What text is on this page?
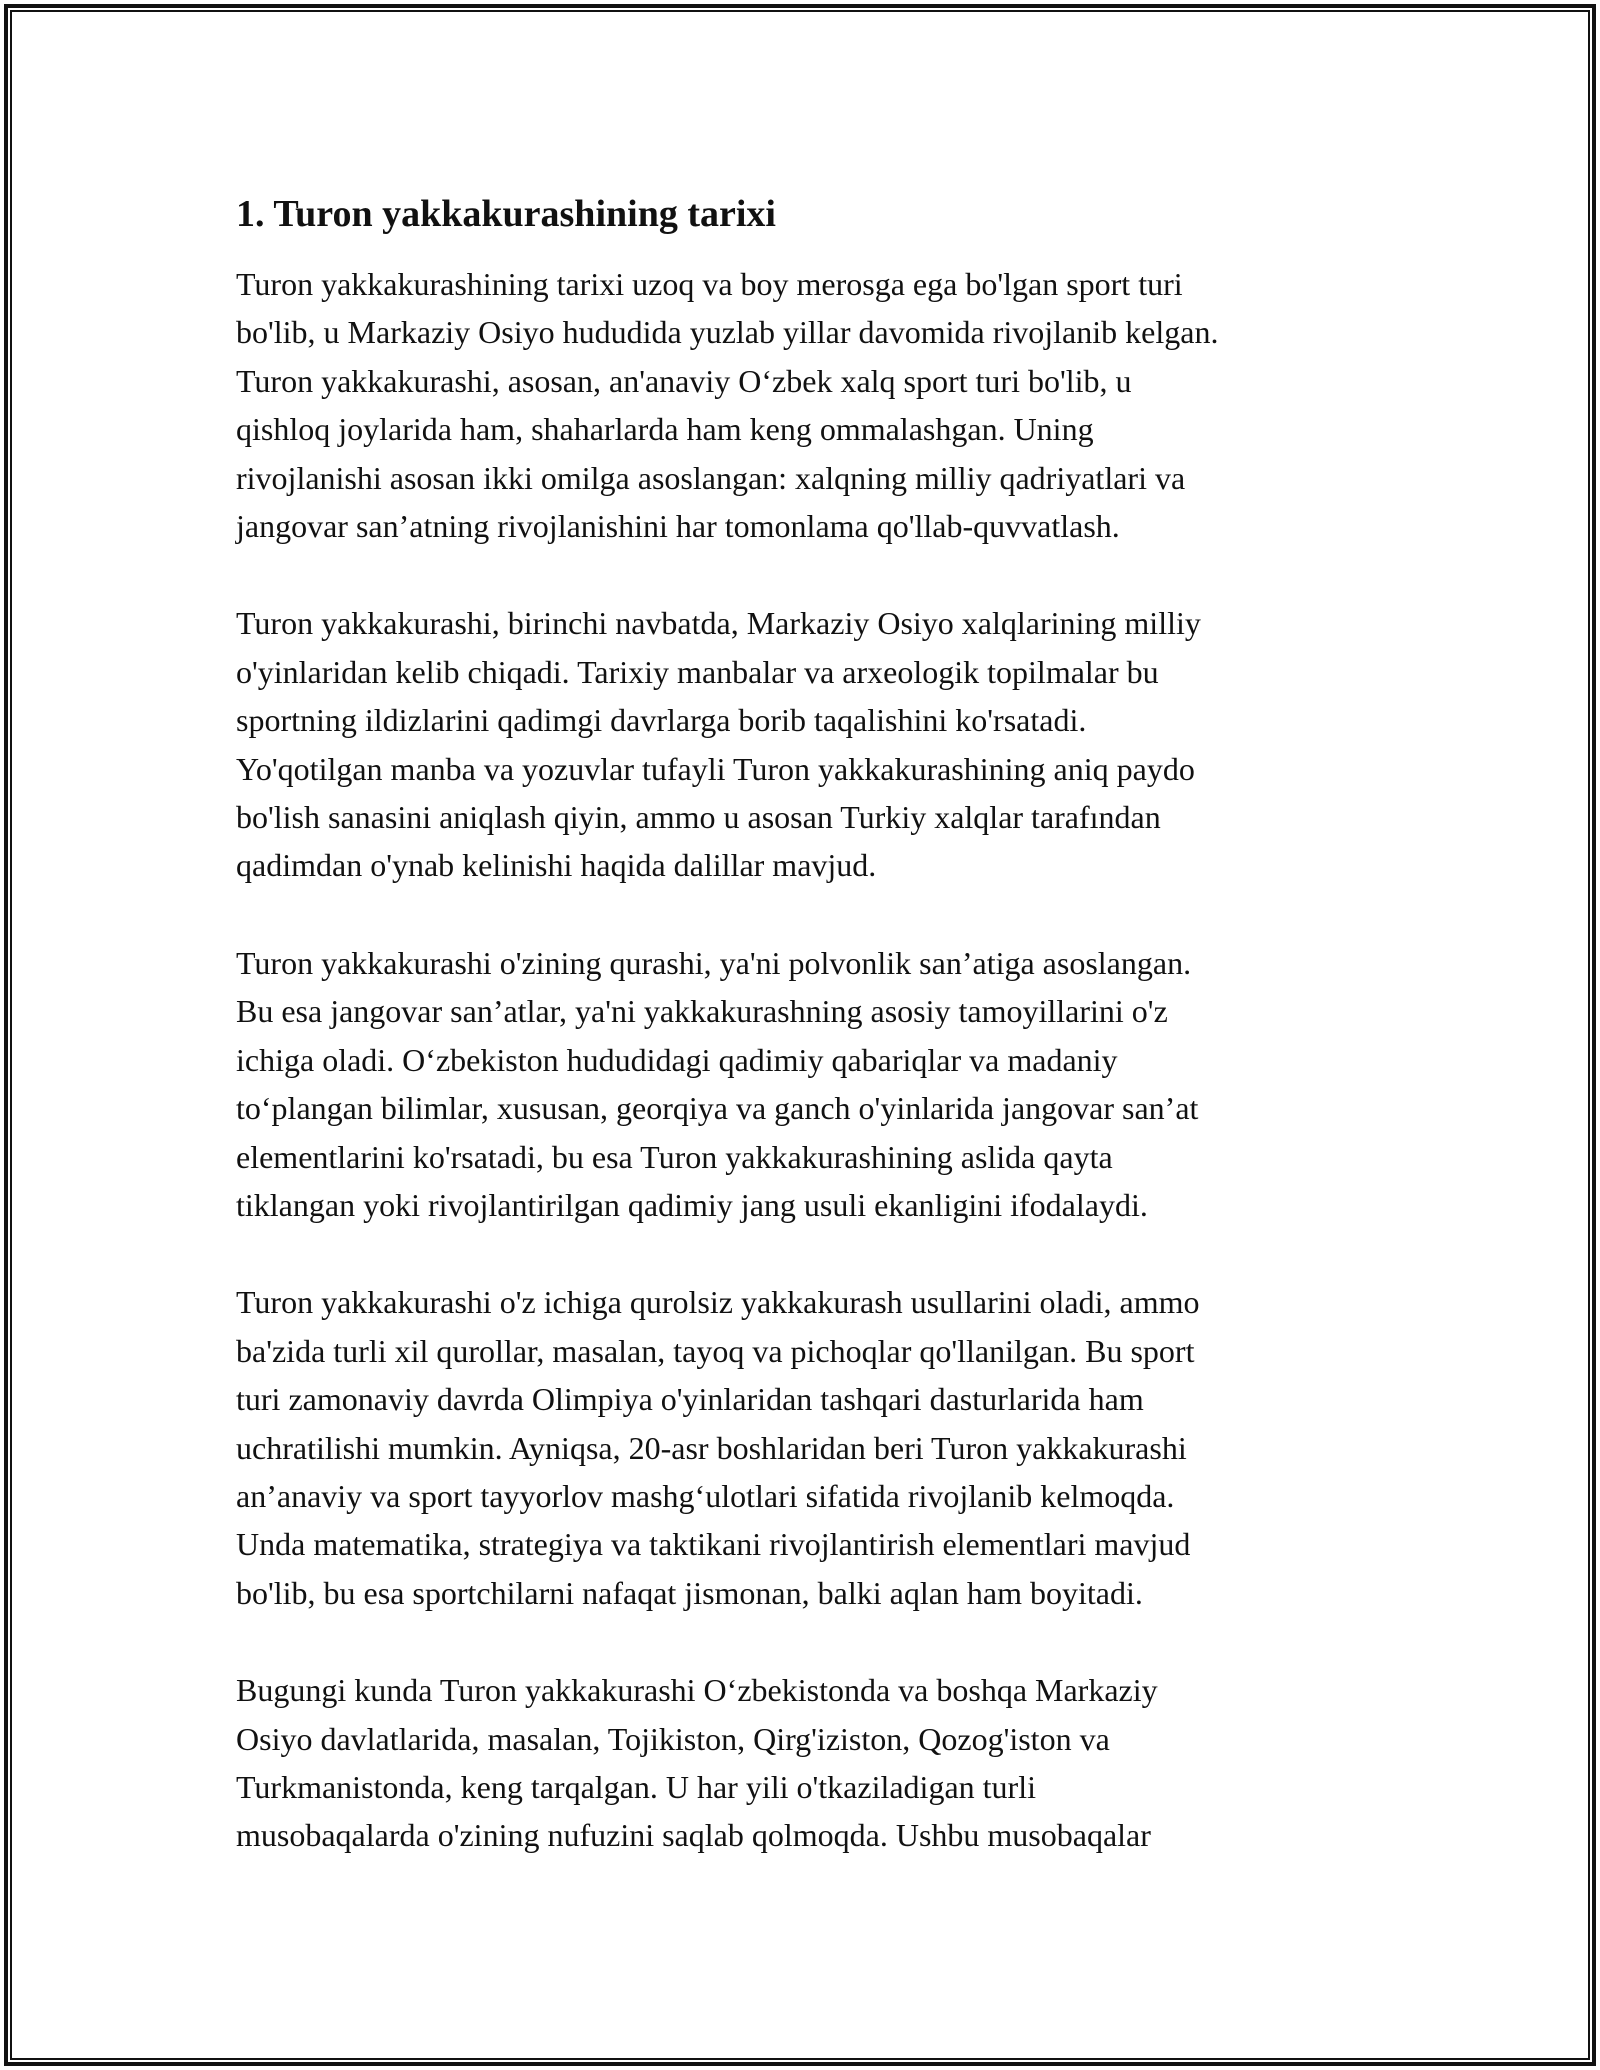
1. Turon yakkakurashining tarixi

Turon yakkakurashining tarixi uzoq va boy merosga ega bo'lgan sport turi
bo'lib, u Markaziy Osiyo hududida yuzlab yillar davomida rivojlanib kelgan.
Turon yakkakurashi, asosan, an'anaviy O‘zbek xalq sport turi bo'lib, u
qishloq joylarida ham, shaharlarda ham keng ommalashgan. Uning
rivojlanishi asosan ikki omilga asoslangan: xalqning milliy qadriyatlari va
jangovar san’atning rivojlanishini har tomonlama qo'llab-quvvatlash.

Turon yakkakurashi, birinchi navbatda, Markaziy Osiyo xalqlarining milliy
o'yinlaridan kelib chiqadi. Tarixiy manbalar va arxeologik topilmalar bu
sportning ildizlarini qadimgi davrlarga borib taqalishini ko'rsatadi.
Yo'qotilgan manba va yozuvlar tufayli Turon yakkakurashining aniq paydo
bo'lish sanasini aniqlash qiyin, ammo u asosan Turkiy xalqlar tarafından
qadimdan o'ynab kelinishi haqida dalillar mavjud.

Turon yakkakurashi o'zining qurashi, ya'ni polvonlik san’atiga asoslangan.
Bu esa jangovar san’atlar, ya'ni yakkakurashning asosiy tamoyillarini o'z
ichiga oladi. O‘zbekiston hududidagi qadimiy qabariqlar va madaniy
to‘plangan bilimlar, xususan, georqiya va ganch o'yinlarida jangovar san’at
elementlarini ko'rsatadi, bu esa Turon yakkakurashining aslida qayta
tiklangan yoki rivojlantirilgan qadimiy jang usuli ekanligini ifodalaydi.

Turon yakkakurashi o'z ichiga qurolsiz yakkakurash usullarini oladi, ammo
ba'zida turli xil qurollar, masalan, tayoq va pichoqlar qo'llanilgan. Bu sport
turi zamonaviy davrda Olimpiya o'yinlaridan tashqari dasturlarida ham
uchratilishi mumkin. Ayniqsa, 20-asr boshlaridan beri Turon yakkakurashi
an’anaviy va sport tayyorlov mashg‘ulotlari sifatida rivojlanib kelmoqda.
Unda matematika, strategiya va taktikani rivojlantirish elementlari mavjud
bo'lib, bu esa sportchilarni nafaqat jismonan, balki aqlan ham boyitadi.

Bugungi kunda Turon yakkakurashi O‘zbekistonda va boshqa Markaziy
Osiyo davlatlarida, masalan, Tojikiston, Qirg'iziston, Qozog'iston va
Turkmanistonda, keng tarqalgan. U har yili o'tkaziladigan turli
musobaqalarda o'zining nufuzini saqlab qolmoqda. Ushbu musobaqalar
